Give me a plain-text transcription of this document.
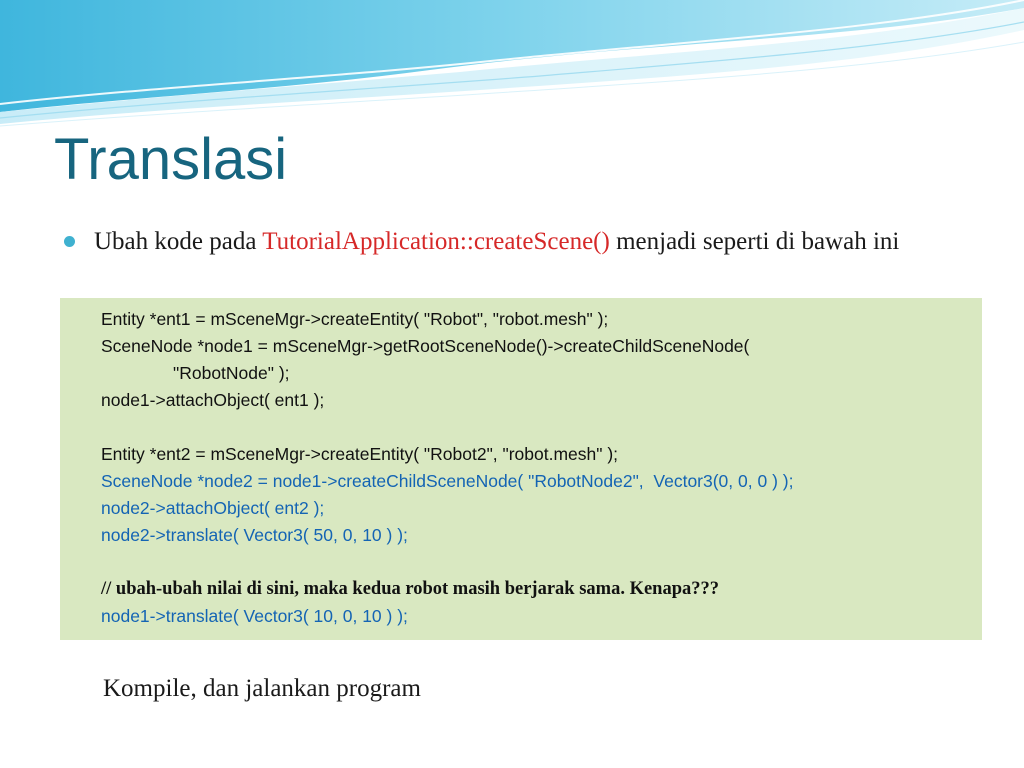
Translasi
Ubah kode pada TutorialApplication::createScene() menjadi seperti di bawah ini
Entity *ent1 = mSceneMgr->createEntity( "Robot", "robot.mesh" );
SceneNode *node1 = mSceneMgr->getRootSceneNode()->createChildSceneNode(
"RobotNode" );
node1->attachObject( ent1 );
Entity *ent2 = mSceneMgr->createEntity( "Robot2", "robot.mesh" );
SceneNode *node2 = node1->createChildSceneNode( "RobotNode2",  Vector3(0, 0, 0 ) );
node2->attachObject( ent2 );
node2->translate( Vector3( 50, 0, 10 ) );
// ubah-ubah nilai di sini, maka kedua robot masih berjarak sama. Kenapa???
node1->translate( Vector3( 10, 0, 10 ) );
Kompile, dan jalankan program
